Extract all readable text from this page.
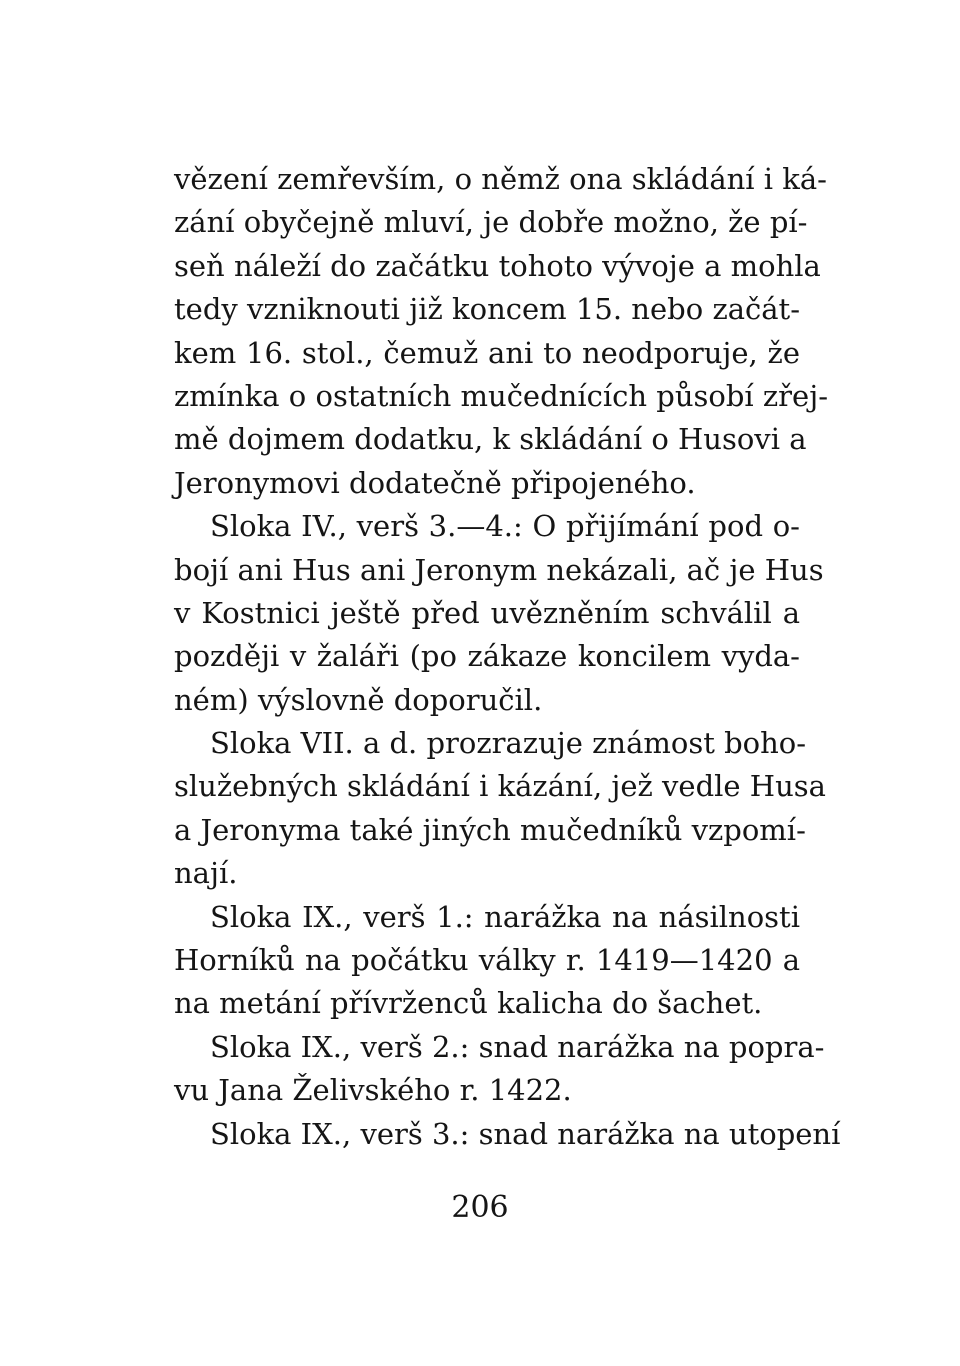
vězení zemřevším, o němž ona skládání i ká-
zání obyčejně mluví, je dobře možno, že pí-
seň náleží do začátku tohoto vývoje a mohla
tedy vzniknouti již koncem 15. nebo začát-
kem 16. stol., čemuž ani to neodporuje, že
zmínka o ostatních mučednících působí zřej-
mě dojmem dodatku, k skládání o Husovi a
Jeronymovi dodatečně připojeného.
Sloka IV., verš 3.—4.: O přijímání pod o-
bojí ani Hus ani Jeronym nekázali, ač je Hus
v Kostnici ještě před uvězněním schválil a
později v žaláři (po zákaze koncilem vyda-
ném) výslovně doporučil.
Sloka VII. a d. prozrazuje známost boho-
služebných skládání i kázání, jež vedle Husa
a Jeronyma také jiných mučedníků vzpomí-
nají.
Sloka IX., verš 1.: narážka na násilnosti
Horníků na počátku války r. 1419—1420 a
na metání přívrženců kalicha do šachet.
Sloka IX., verš 2.: snad narážka na popra-
vu Jana Želivského r. 1422.
Sloka IX., verš 3.: snad narážka na utopení
206
